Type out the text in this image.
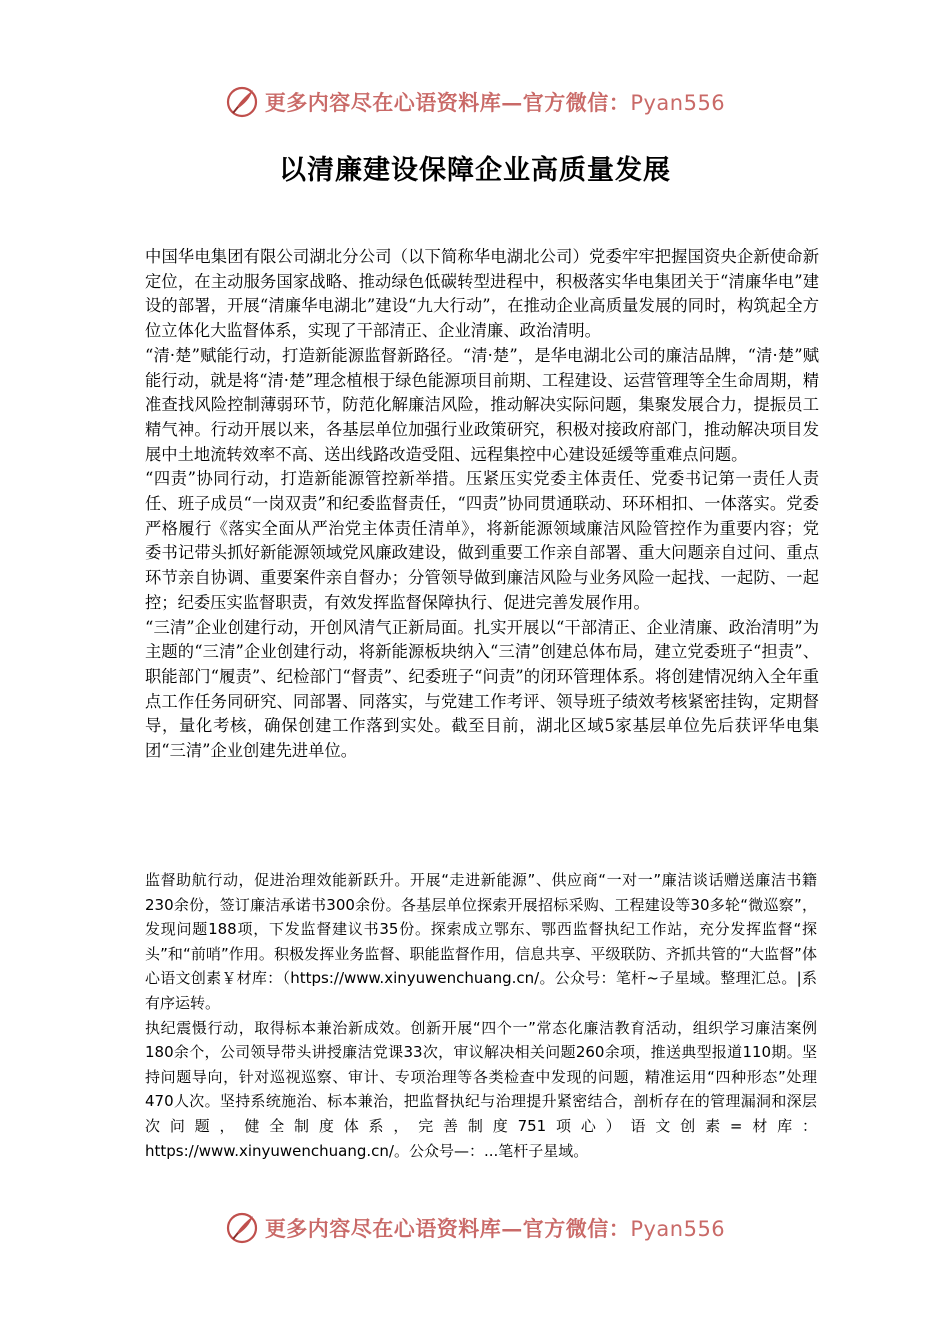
更多内容尽在心语资料库—官方微信：Pyan556
以清廉建设保障企业高质量发展

中国华电集团有限公司湖北分公司（以下简称华电湖北公司）党委牢牢把握国资央企新使命新定位，在主动服务国家战略、推动绿色低碳转型进程中，积极落实华电集团关于“清廉华电”建设的部署，开展“清廉华电湖北”建设“九大行动”，在推动企业高质量发展的同时，构筑起全方位立体化大监督体系，实现了干部清正、企业清廉、政治清明。

“清·楚”赋能行动，打造新能源监督新路径。“清·楚”，是华电湖北公司的廉洁品牌，“清·楚”赋能行动，就是将“清·楚”理念植根于绿色能源项目前期、工程建设、运营管理等全生命周期，精准查找风险控制薄弱环节，防范化解廉洁风险，推动解决实际问题，集聚发展合力，提振员工精气神。行动开展以来，各基层单位加强行业政策研究，积极对接政府部门，推动解决项目发展中土地流转效率不高、送出线路改造受阻、远程集控中心建设延缓等重难点问题。

“四责”协同行动，打造新能源管控新举措。压紧压实党委主体责任、党委书记第一责任人责任、班子成员“一岗双责”和纪委监督责任，“四责”协同贯通联动、环环相扣、一体落实。党委严格履行《落实全面从严治党主体责任清单》，将新能源领域廉洁风险管控作为重要内容；党委书记带头抓好新能源领域党风廉政建设，做到重要工作亲自部署、重大问题亲自过问、重点环节亲自协调、重要案件亲自督办；分管领导做到廉洁风险与业务风险一起找、一起防、一起控；纪委压实监督职责，有效发挥监督保障执行、促进完善发展作用。

“三清”企业创建行动，开创风清气正新局面。扎实开展以“干部清正、企业清廉、政治清明”为主题的“三清”企业创建行动，将新能源板块纳入“三清”创建总体布局，建立党委班子“担责”、职能部门“履责”、纪检部门“督责”、纪委班子“问责”的闭环管理体系。将创建情况纳入全年重点工作任务同研究、同部署、同落实，与党建工作考评、领导班子绩效考核紧密挂钩，定期督导，量化考核，确保创建工作落到实处。截至目前，湖北区域5家基层单位先后获评华电集团“三清”企业创建先进单位。

监督助航行动，促进治理效能新跃升。开展“走进新能源”、供应商“一对一”廉洁谈话赠送廉洁书籍230余份，签订廉洁承诺书300余份。各基层单位探索开展招标采购、工程建设等30多轮“微巡察”，发现问题188项，下发监督建议书35份。探索成立鄂东、鄂西监督执纪工作站，充分发挥监督“探头”和“前哨”作用。积极发挥业务监督、职能监督作用，信息共享、平级联防、齐抓共管的“大监督”体心语文创素￥材库：（https://www.xinyuwenchuang.cn/。公众号：笔杆~子星域。整理汇总。|系有序运转。

执纪震慑行动，取得标本兼治新成效。创新开展“四个一”常态化廉洁教育活动，组织学习廉洁案例180余个，公司领导带头讲授廉洁党课33次，审议解决相关问题260余项，推送典型报道110期。坚持问题导向，针对巡视巡察、审计、专项治理等各类检查中发现的问题，精准运用“四种形态”处理470人次。坚持系统施治、标本兼治，把监督执纪与治理提升紧密结合，剖析存在的管理漏洞和深层次问题，健全制度体系，完善制度751项心）语文创素=材库：https://www.xinyuwenchuang.cn/。公众号—：...笔杆子星域。

更多内容尽在心语资料库—官方微信：Pyan556
